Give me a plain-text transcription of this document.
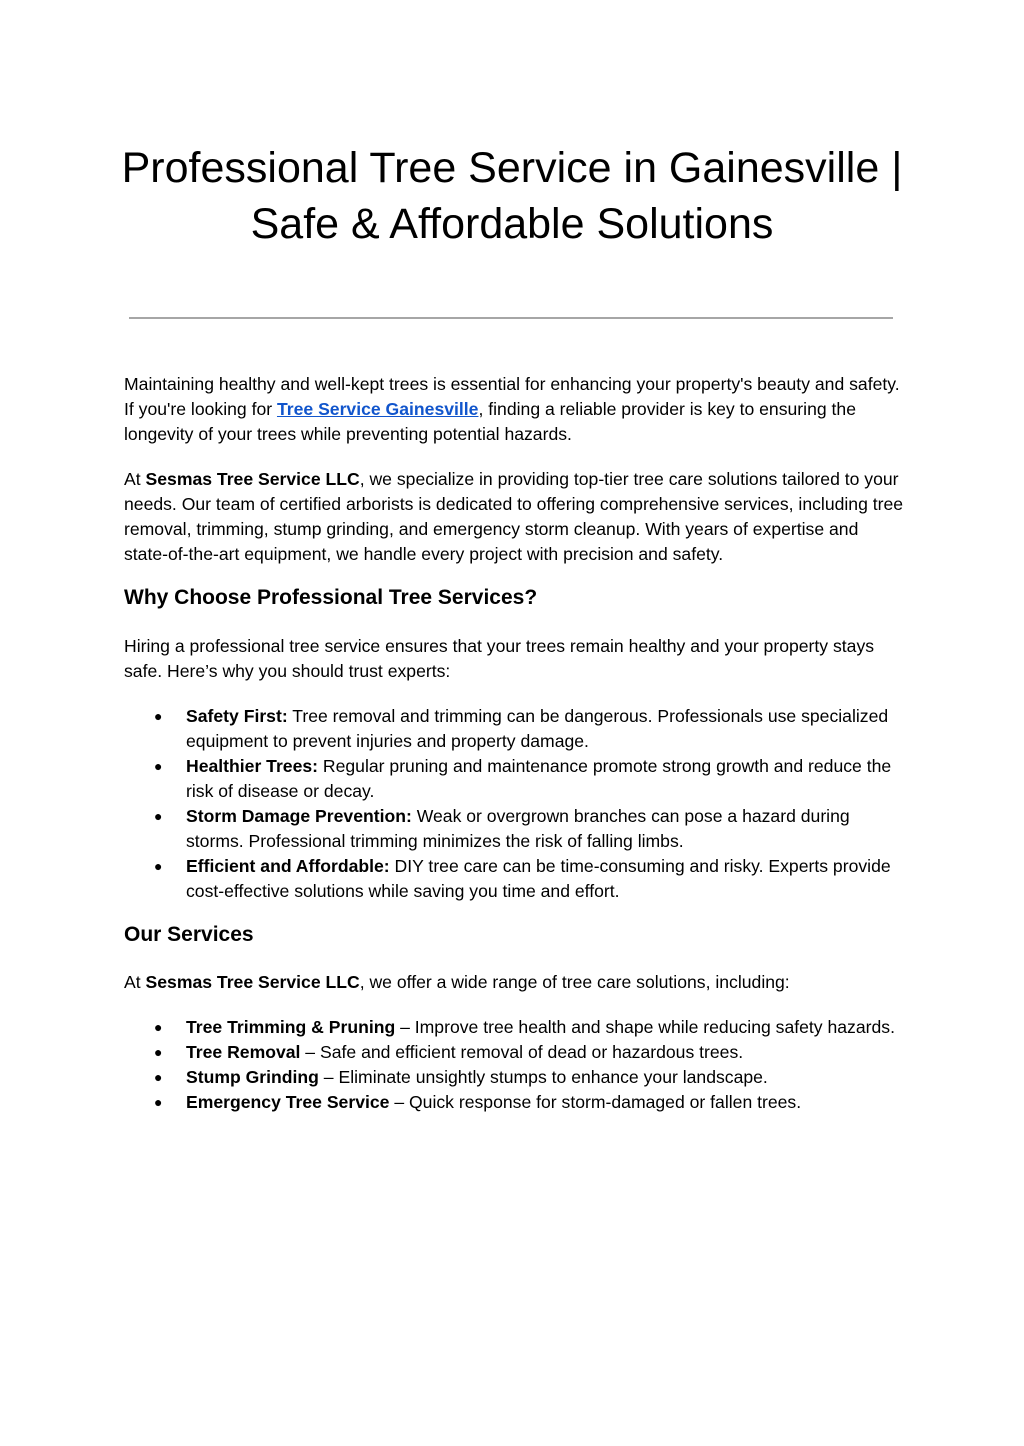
Professional Tree Service in Gainesville | Safe & Affordable Solutions

Maintaining healthy and well-kept trees is essential for enhancing your property's beauty and safety. If you're looking for Tree Service Gainesville, finding a reliable provider is key to ensuring the longevity of your trees while preventing potential hazards.

At Sesmas Tree Service LLC, we specialize in providing top-tier tree care solutions tailored to your needs. Our team of certified arborists is dedicated to offering comprehensive services, including tree removal, trimming, stump grinding, and emergency storm cleanup. With years of expertise and state-of-the-art equipment, we handle every project with precision and safety.

Why Choose Professional Tree Services?

Hiring a professional tree service ensures that your trees remain healthy and your property stays safe. Here’s why you should trust experts:

● Safety First: Tree removal and trimming can be dangerous. Professionals use specialized equipment to prevent injuries and property damage.
● Healthier Trees: Regular pruning and maintenance promote strong growth and reduce the risk of disease or decay.
● Storm Damage Prevention: Weak or overgrown branches can pose a hazard during storms. Professional trimming minimizes the risk of falling limbs.
● Efficient and Affordable: DIY tree care can be time-consuming and risky. Experts provide cost-effective solutions while saving you time and effort.
Our Services

At Sesmas Tree Service LLC, we offer a wide range of tree care solutions, including:

● Tree Trimming & Pruning – Improve tree health and shape while reducing safety hazards.
● Tree Removal – Safe and efficient removal of dead or hazardous trees.
● Stump Grinding – Eliminate unsightly stumps to enhance your landscape.
● Emergency Tree Service – Quick response for storm-damaged or fallen trees.
